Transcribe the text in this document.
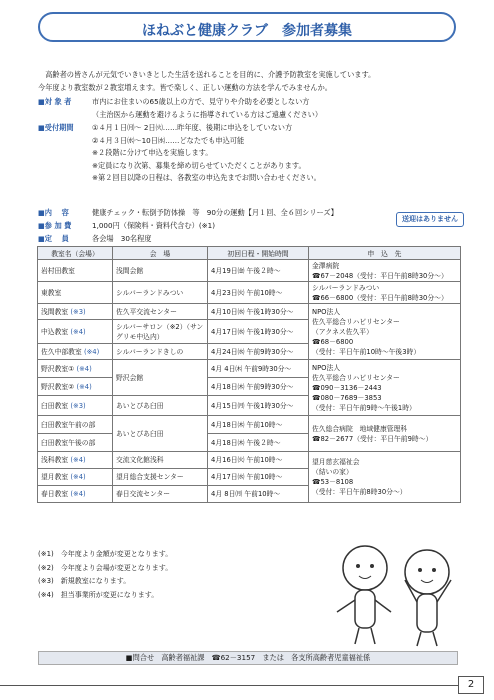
ほねぶと健康クラブ　参加者募集
　高齢者の皆さんが元気でいきいきとした生活を送れることを目的に、介護予防教室を実施しています。
今年度より教室数が２教室増えます。皆で楽しく、正しい運動の方法を学んでみませんか。
■ 対 象 者	市内にお住まいの65歳以上の方で、見守りや介助を必要としない方
（主治医から運動を避けるように指導されている方はご遠慮ください）
■ 受付期間	①４月１日㈪～ 2日㈫……昨年度、後期に申込をしていない方
②４月３日㈬～10日㈬……どなたでも申込可能
※２段階に分けて申込を実施します。
※定員になり次第、募集を締め切らせていただくことがあります。
※第２回目以降の日程は、各教室の申込先までお問い合わせください。
送迎はありません
■ 内　 容	健康チェック・転倒予防体操　等　90分の運動【月１回、全６回シリーズ】
■ 参 加 費	1,000円（保険料・資料代含む）(※1)
■ 定　 員	各会場　30名程度
教室名（会場）	会　場	初回日程・開始時間	申　込　先
岩村田教室	浅間会館	4月19日㈮ 午後２時～	金澤病院
☎67－2048（受付：平日午前8時30分～）

東教室	シルバーランドみつい	4月23日㈫ 午前10時～	シルバーランドみつい
☎66－6800（受付：平日午前8時30分～）

浅間教室 (※3)	佐久平交流センター	4月10日㈬ 午後1時30分～	NPO法人
佐久平総合リハビリセンター
（アクネス佐久平）
☎68－6800
（受付：平日午前10時～午後3時）

中込教室 (※4)	シルバーサロン（※2）（サングリモ中込内）	4月17日㈬ 午後1時30分～	
佐久中部教室 (※4)	シルバーランドきしの	4月24日㈬ 午前9時30分～	
野沢教室① (※4)	野沢会館	4月 4日㈭ 午前9時30分～	NPO法人
佐久平総合リハビリセンター
☎090－3136－2443
☎080－7689－3853
（受付：平日午前9時～午後1時）

野沢教室② (※4)		4月18日㈭ 午前9時30分～	
臼田教室 (※3)	あいとぴあ臼田	4月15日㈪ 午後1時30分～	
臼田教室午前の部	あいとぴあ臼田	4月18日㈭ 午前10時～	佐久総合病院　地域健康管理科
☎82－2677（受付：平日午前9時～）

臼田教室午後の部		4月18日㈭ 午後２時～	
浅科教室 (※4)	交流文化館浅科	4月16日㈫ 午前10時～	望月慈玄福祉会
（結いの家）
☎53－8108
（受付：平日午前8時30分～）

望月教室 (※4)	望月総合支援センター	4月17日㈬ 午前10時～	
春日教室 (※4)	春日交流センター	4月 8日㈪ 午前10時～	
(※1)　今年度より金額が変更となります。
(※2)　今年度より会場が変更となります。
(※3)　新規教室になります。
(※4)　担当事業所が変更になります。
■問合せ　高齢者福祉課　☎62－3157　または　各支所高齢者児童福祉係
2
